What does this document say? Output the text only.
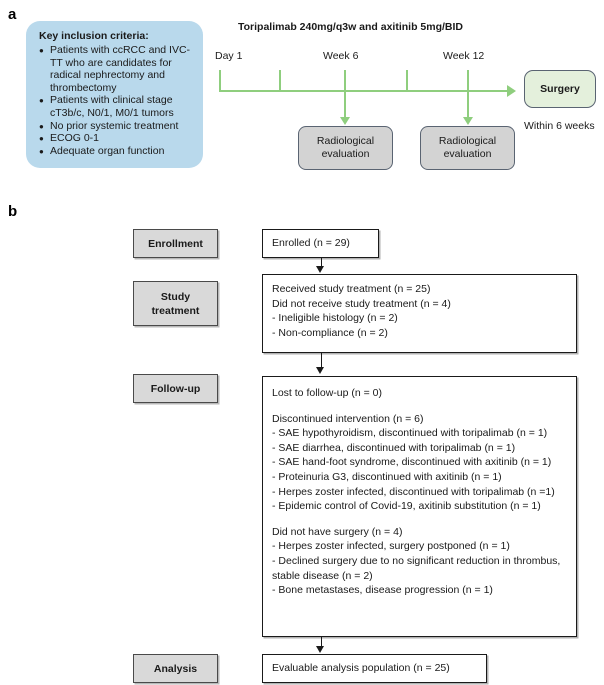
a
Key inclusion criteria:
● Patients with ccRCC and IVC-TT who are candidates for radical nephrectomy and thrombectomy
● Patients with clinical stage cT3b/c, N0/1, M0/1 tumors
● No prior systemic treatment
● ECOG 0-1
● Adequate organ function
Toripalimab 240mg/q3w and axitinib 5mg/BID
Day 1	Week 6	Week 12
Radiological
evaluation
Radiological
evaluation
Surgery
Within 6 weeks
b
Enrollment
Study
treatment
Follow-up
Analysis
Enrolled (n = 29)
Received study treatment (n = 25)
Did not receive study treatment (n = 4)
- Ineligible histology (n = 2)
- Non-compliance (n = 2)
Lost to follow-up (n = 0)
Discontinued intervention (n = 6)
- SAE hypothyroidism, discontinued with toripalimab (n = 1)
- SAE diarrhea, discontinued with toripalimab (n = 1)
- SAE hand-foot syndrome, discontinued with axitinib (n = 1)
- Proteinuria G3, discontinued with axitinib (n = 1)
- Herpes zoster infected, discontinued with toripalimab (n =1)
- Epidemic control of Covid-19, axitinib substitution (n = 1)
Did not have surgery (n = 4)
- Herpes zoster infected, surgery postponed (n = 1)
- Declined surgery due to no significant reduction in thrombus, stable disease (n = 2)
- Bone metastases, disease progression (n = 1)
Evaluable analysis population (n = 25)
